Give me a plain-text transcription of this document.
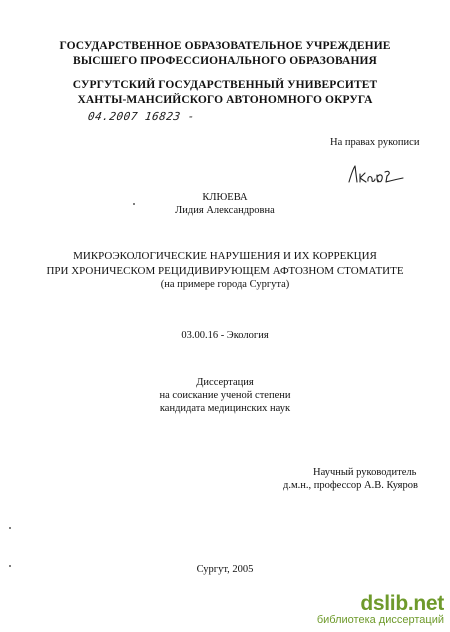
ГОСУДАРСТВЕННОЕ ОБРАЗОВАТЕЛЬНОЕ УЧРЕЖДЕНИЕ
ВЫСШЕГО ПРОФЕССИОНАЛЬНОГО ОБРАЗОВАНИЯ
СУРГУТСКИЙ ГОСУДАРСТВЕННЫЙ УНИВЕРСИТЕТ
ХАНТЫ-МАНСИЙСКОГО АВТОНОМНОГО ОКРУГА
04.2007 16823 -
На правах рукописи
КЛЮЕВА
Лидия Александровна
МИКРОЭКОЛОГИЧЕСКИЕ НАРУШЕНИЯ И ИХ КОРРЕКЦИЯ
ПРИ ХРОНИЧЕСКОМ РЕЦИДИВИРУЮЩЕМ АФТОЗНОМ СТОМАТИТЕ
(на примере города Сургута)
03.00.16 - Экология
Диссертация
на соискание ученой степени
кандидата медицинских наук
Научный руководитель
д.м.н., профессор А.В. Куяров
Сургут, 2005
dslib.net
библиотека диссертаций
